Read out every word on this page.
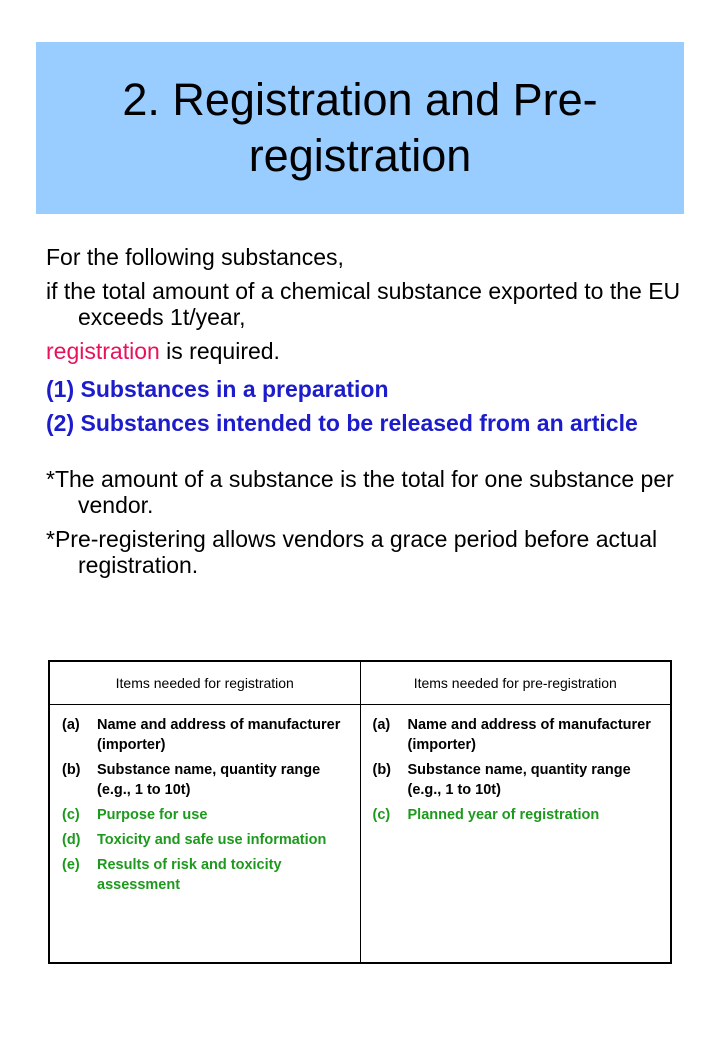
2. Registration and Pre-
registration

For the following substances,

if the total amount of a chemical substance exported to the EU exceeds 1t/year,

registration is required.

(1) Substances in a preparation

(2) Substances intended to be released from an article

*The amount of a substance is the total for one substance per vendor.

*Pre-registering allows vendors a grace period before actual registration.

Items needed for registration	Items needed for pre-registration
(a)	Name and address of manufacturer (importer)
(b)	Substance name, quantity range (e.g., 1 to 10t)
(c)	Purpose for use
(d)	Toxicity and safe use information
(e)	Results of risk and toxicity assessment
(a)	Name and address of manufacturer (importer)
(b)	Substance name, quantity range (e.g., 1 to 10t)
(c)	Planned year of registration
